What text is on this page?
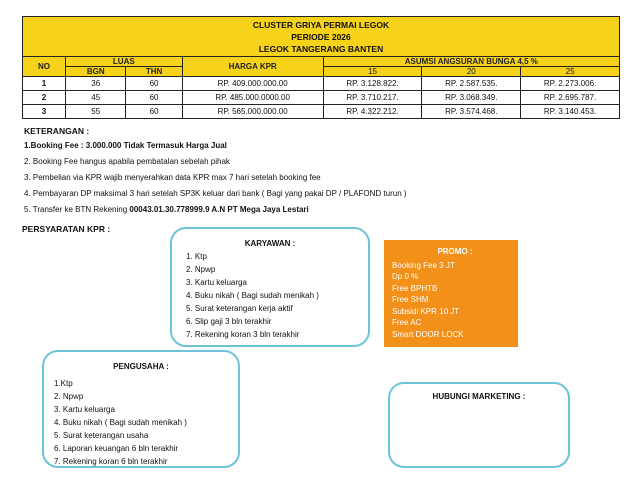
CLUSTER GRIYA PERMAI LEGOK
PERIODE 2026
LEGOK TANGERANG BANTEN
NO	LUAS		HARGA KPR	ASUMSI ANGSURAN BUNGA 4,5 %		
	BGN	THN		15	20	25
1	36	60	RP. 409.000.000.00	RP. 3.128.822.	RP. 2.587.535.	RP. 2.273.006.
2	45	60	RP. 485.000.0000.00	RP. 3.710.217.	RP. 3.068.349.	RP. 2.695.787.
3	55	60	RP. 565.000.000.00	RP. 4.322.212.	RP. 3.574.468.	RP. 3.140.453.
KETERANGAN :
1.Booking Fee : 3.000.000 Tidak Termasuk Harga Jual
2. Booking Fee hangus apabila pembatalan sebelah pihak
3. Pembelian via KPR wajib menyerahkan data KPR max 7 hari setelah booking fee
4. Pembayaran DP maksimal 3 hari setelah SP3K keluar dari bank ( Bagi yang pakai DP / PLAFOND turun )
5. Transfer ke BTN Rekening 00043.01.30.778999.9 A.N PT Mega Jaya Lestari
PERSYARATAN KPR :
KARYAWAN :
1. Ktp
2. Npwp
3. Kartu keluarga
4. Buku nikah ( Bagi sudah menikah )
5. Surat keterangan kerja aktif
6. Slip gaji 3 bln terakhir
7. Rekening koran 3 bln terakhir
PROMO :
Booking Fee 3 JT
Dp 0 %
Free BPHTB
Free SHM
Subsidi KPR 10 JT
Free AC
Smart DOOR LOCK
PENGUSAHA :
1.Ktp
2. Npwp
3. Kartu keluarga
4. Buku nikah ( Bagi sudah menikah )
5. Surat keterangan usaha
6. Laporan keuangan 6 bln terakhir
7. Rekening koran 6 bln terakhir
HUBUNGI MARKETING :
